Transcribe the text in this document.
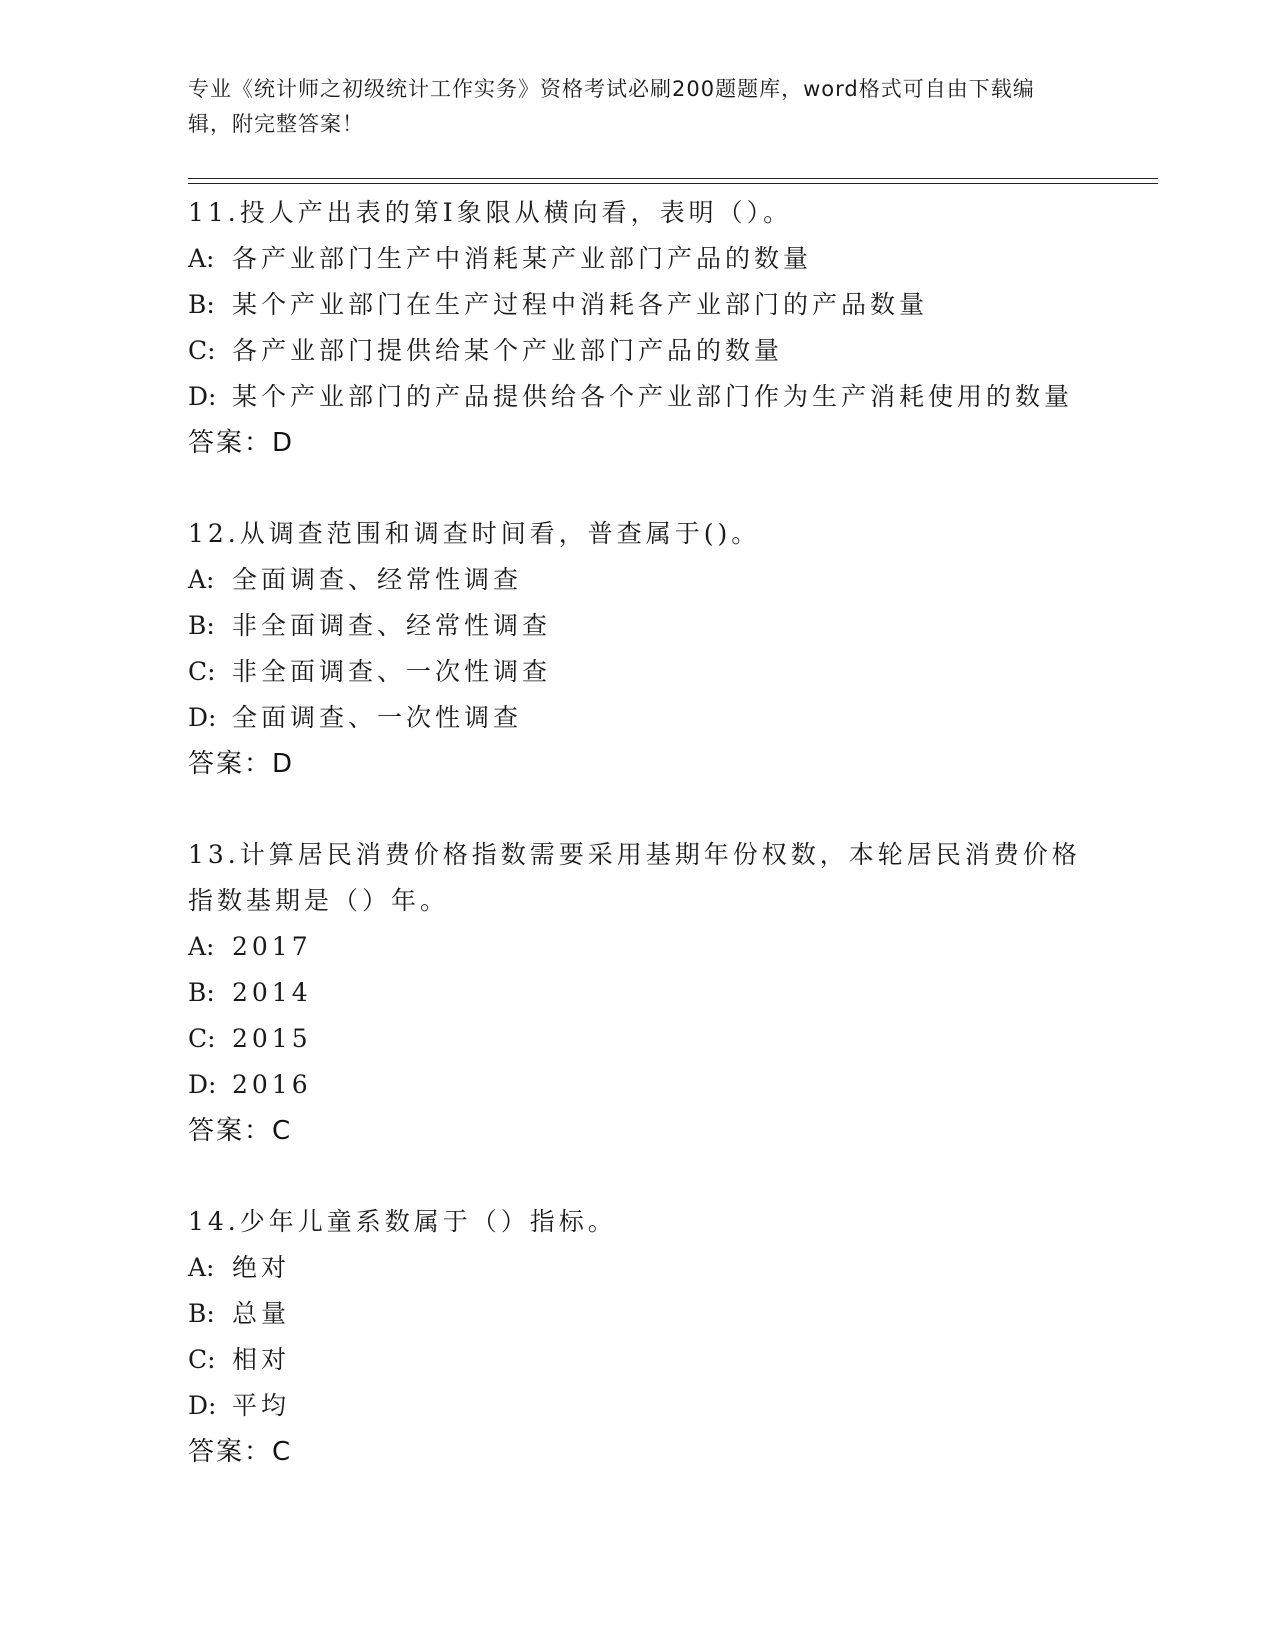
专业《统计师之初级统计工作实务》资格考试必刷200题题库，word格式可自由下载编辑，附完整答案！
11.投人产出表的第Ⅰ象限从横向看，表明（）。
A: 各产业部门生产中消耗某产业部门产品的数量
B: 某个产业部门在生产过程中消耗各产业部门的产品数量
C: 各产业部门提供给某个产业部门产品的数量
D: 某个产业部门的产品提供给各个产业部门作为生产消耗使用的数量
答案：D
12.从调查范围和调查时间看，普查属于()。
A: 全面调查、经常性调查
B: 非全面调查、经常性调查
C: 非全面调查、一次性调查
D: 全面调查、一次性调查
答案：D
13.计算居民消费价格指数需要采用基期年份权数，本轮居民消费价格指数基期是（）年。
A: 2017
B: 2014
C: 2015
D: 2016
答案：C
14.少年儿童系数属于（）指标。
A: 绝对
B: 总量
C: 相对
D: 平均
答案：C
